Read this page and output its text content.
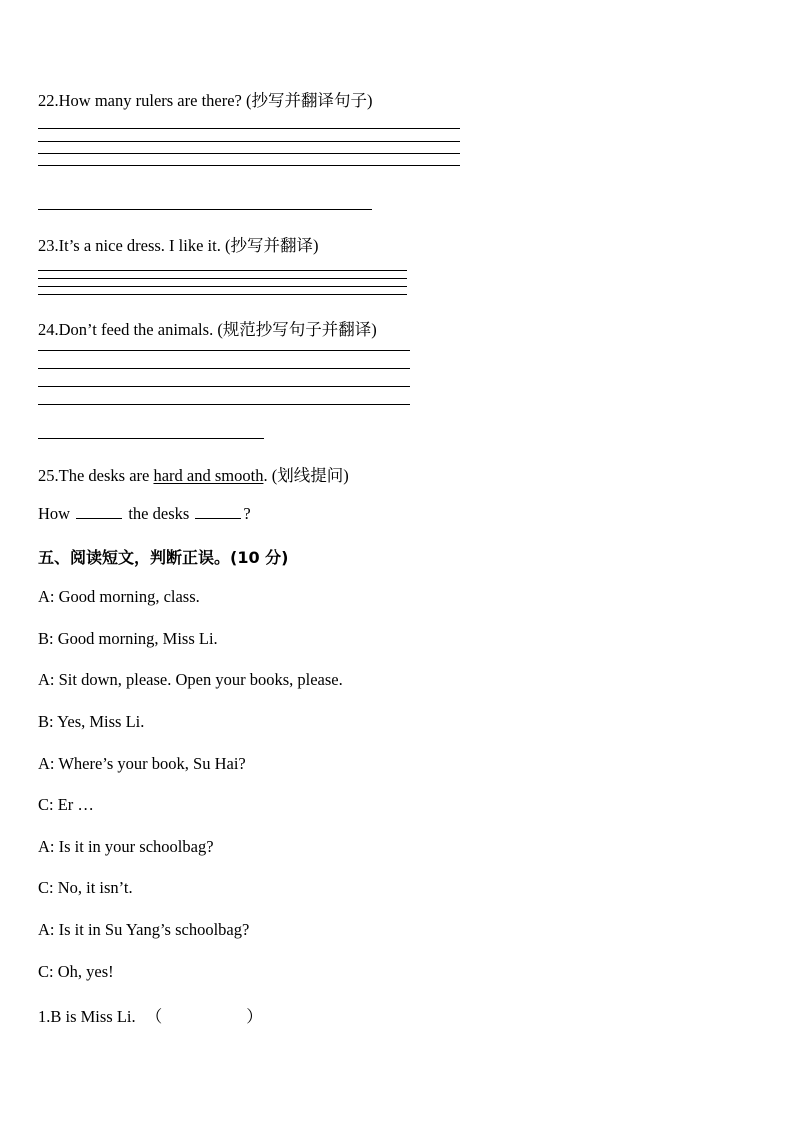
22.How many rulers are there? (抄写并翻译句子)
23.It’s a nice dress. I like it. (抄写并翻译)
24.Don’t feed the animals. (规范抄写句子并翻译)
25.The desks are hard and smooth. (划线提问)
How	the desks	?
五、阅读短文，判断正误。(10 分)
A: Good morning, class.
B: Good morning, Miss Li.
A: Sit down, please. Open your books, please.
B: Yes, Miss Li.
A: Where’s your book, Su Hai?
C: Er …
A: Is it in your schoolbag?
C: No, it isn’t.
A: Is it in Su Yang’s schoolbag?
C: Oh, yes!
1.B is Miss Li. （	）
